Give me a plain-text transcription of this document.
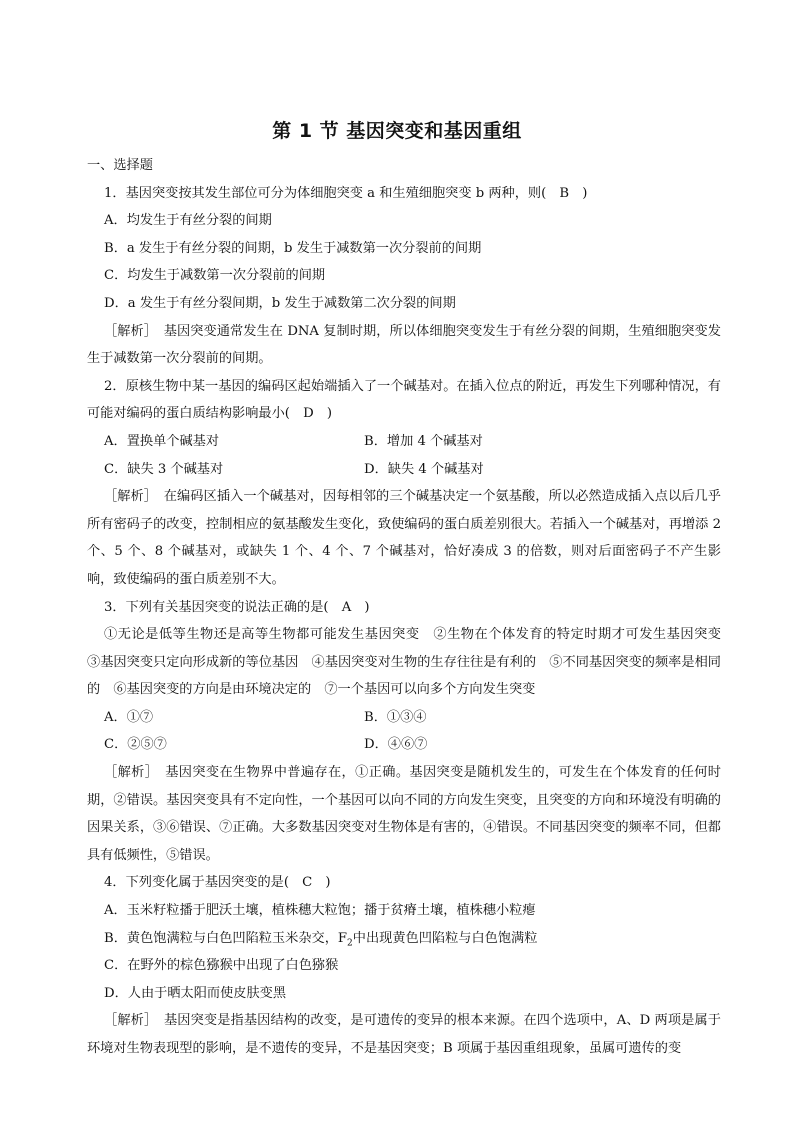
第 1 节 基因突变和基因重组

一、选择题

1．基因突变按其发生部位可分为体细胞突变 a 和生殖细胞突变 b 两种，则(　B　)

A．均发生于有丝分裂的间期

B．a 发生于有丝分裂的间期，b 发生于减数第一次分裂前的间期

C．均发生于减数第一次分裂前的间期

D．a 发生于有丝分裂间期，b 发生于减数第二次分裂的间期

［解析］　基因突变通常发生在 DNA 复制时期，所以体细胞突变发生于有丝分裂的间期，生殖细胞突变发生于减数第一次分裂前的间期。

2．原核生物中某一基因的编码区起始端插入了一个碱基对。在插入位点的附近，再发生下列哪种情况，有可能对编码的蛋白质结构影响最小(　D　)

A．置换单个碱基对	B．增加 4 个碱基对
C．缺失 3 个碱基对	D．缺失 4 个碱基对

［解析］　在编码区插入一个碱基对，因每相邻的三个碱基决定一个氨基酸，所以必然造成插入点以后几乎所有密码子的改变，控制相应的氨基酸发生变化，致使编码的蛋白质差别很大。若插入一个碱基对，再增添 2 个、5 个、8 个碱基对，或缺失 1 个、4 个、7 个碱基对，恰好凑成 3 的倍数，则对后面密码子不产生影响，致使编码的蛋白质差别不大。

3．下列有关基因突变的说法正确的是(　A　)

①无论是低等生物还是高等生物都可能发生基因突变　②生物在个体发育的特定时期才可发生基因突变　③基因突变只定向形成新的等位基因　④基因突变对生物的生存往往是有利的　⑤不同基因突变的频率是相同的　⑥基因突变的方向是由环境决定的　⑦一个基因可以向多个方向发生突变

A．①⑦	B．①③④
C．②⑤⑦	D．④⑥⑦

［解析］　基因突变在生物界中普遍存在，①正确。基因突变是随机发生的，可发生在个体发育的任何时期，②错误。基因突变具有不定向性，一个基因可以向不同的方向发生突变，且突变的方向和环境没有明确的因果关系，③⑥错误、⑦正确。大多数基因突变对生物体是有害的，④错误。不同基因突变的频率不同，但都具有低频性，⑤错误。

4．下列变化属于基因突变的是(　C　)

A．玉米籽粒播于肥沃土壤，植株穗大粒饱；播于贫瘠土壤，植株穗小粒瘪

B．黄色饱满粒与白色凹陷粒玉米杂交，$F_2$中出现黄色凹陷粒与白色饱满粒

C．在野外的棕色猕猴中出现了白色猕猴

D．人由于晒太阳而使皮肤变黑

［解析］　基因突变是指基因结构的改变，是可遗传的变异的根本来源。在四个选项中，A、D 两项是属于环境对生物表现型的影响，是不遗传的变异，不是基因突变；B 项属于基因重组现象，虽属可遗传的变
